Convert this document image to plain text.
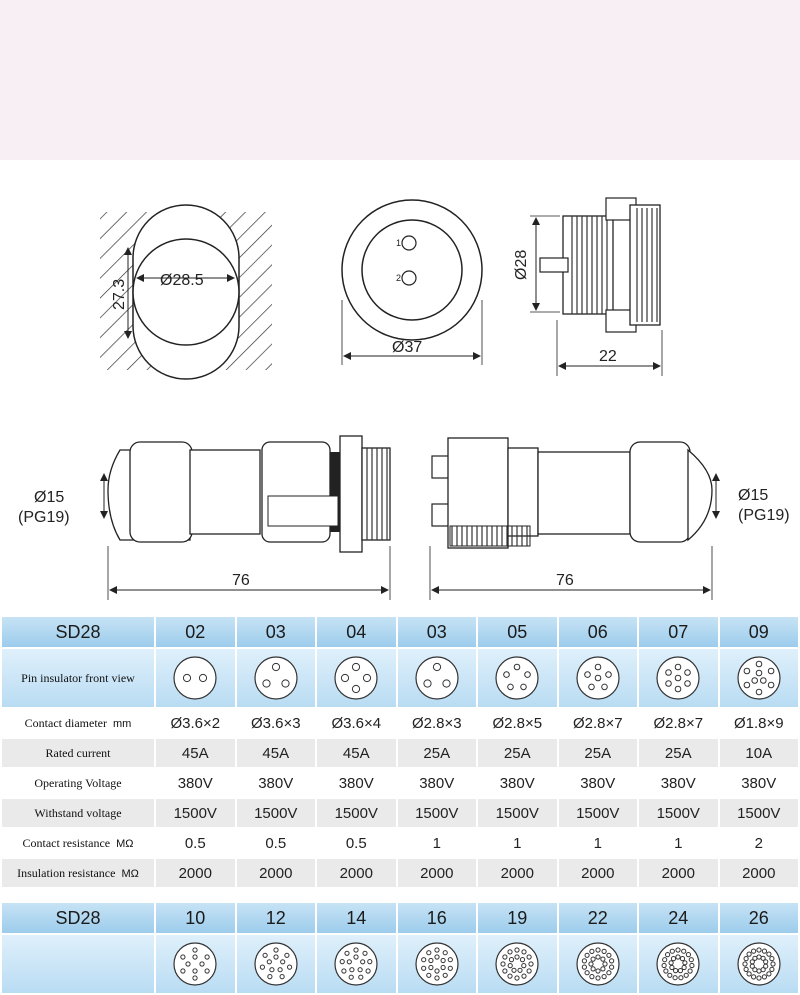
Ø28.5
27.3
1
2
Ø37
Ø28
22
Ø15
(PG19)
76
Ø15
(PG19)
76
SD28	02	03	04	03	05	06	07	09
Pin insulator front view	

Contact diameter mm	Ø3.6×2	Ø3.6×3	Ø3.6×4	Ø2.8×3	Ø2.8×5	Ø2.8×7	Ø2.8×7	Ø1.8×9
Rated current	45A	45A	45A	25A	25A	25A	25A	10A
Operating Voltage	380V	380V	380V	380V	380V	380V	380V	380V
Withstand voltage	1500V	1500V	1500V	1500V	1500V	1500V	1500V	1500V
Contact resistance MΩ	0.5	0.5	0.5	1	1	1	1	2
Insulation resistance MΩ	2000	2000	2000	2000	2000	2000	2000	2000
SD28	10	12	14	16	19	22	24	26
